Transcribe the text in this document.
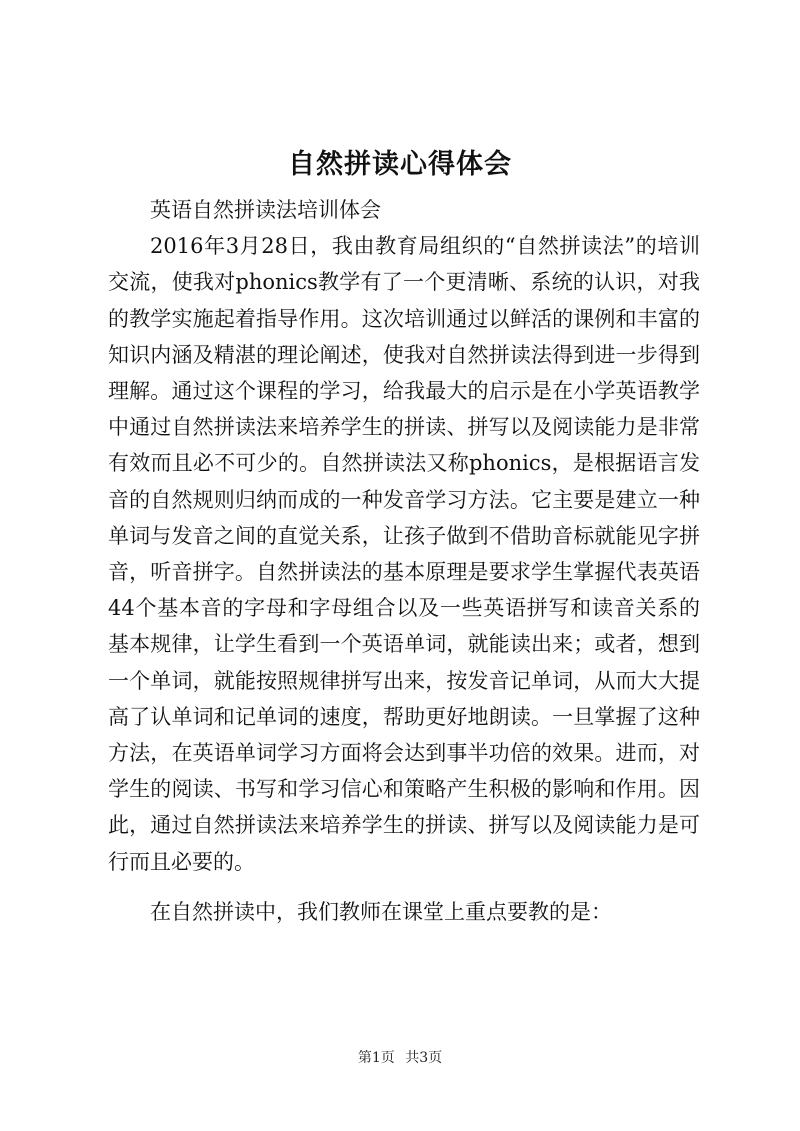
自然拼读心得体会

英语自然拼读法培训体会

2016年3月28日，我由教育局组织的“自然拼读法”的培训交流，使我对phonics教学有了一个更清晰、系统的认识，对我的教学实施起着指导作用。这次培训通过以鲜活的课例和丰富的知识内涵及精湛的理论阐述，使我对自然拼读法得到进一步得到理解。通过这个课程的学习，给我最大的启示是在小学英语教学中通过自然拼读法来培养学生的拼读、拼写以及阅读能力是非常有效而且必不可少的。自然拼读法又称phonics，是根据语言发音的自然规则归纳而成的一种发音学习方法。它主要是建立一种单词与发音之间的直觉关系，让孩子做到不借助音标就能见字拼音，听音拼字。自然拼读法的基本原理是要求学生掌握代表英语44个基本音的字母和字母组合以及一些英语拼写和读音关系的基本规律，让学生看到一个英语单词，就能读出来；或者，想到一个单词，就能按照规律拼写出来，按发音记单词，从而大大提高了认单词和记单词的速度，帮助更好地朗读。一旦掌握了这种方法，在英语单词学习方面将会达到事半功倍的效果。进而，对学生的阅读、书写和学习信心和策略产生积极的影响和作用。因此，通过自然拼读法来培养学生的拼读、拼写以及阅读能力是可行而且必要的。

在自然拼读中，我们教师在课堂上重点要教的是：

第1页 共3页
